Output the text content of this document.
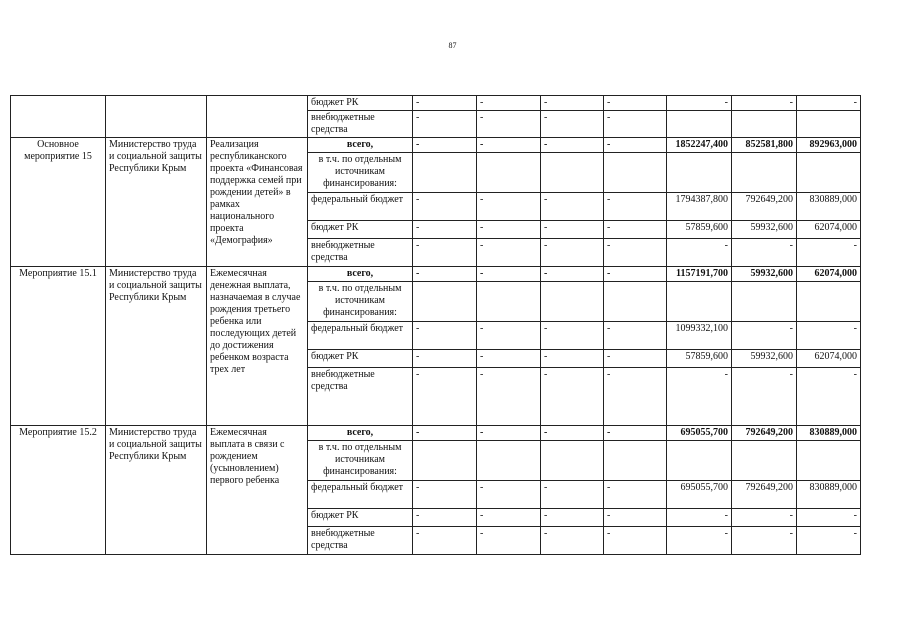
87
			бюджет РК	-	-	-	-	-	-	-
			внебюджетные средства	-	-	-	-			
Основное мероприятие 15	Министерство труда и социальной защиты Республики Крым	Реализация республиканского проекта «Финансовая поддержка семей при рождении детей» в рамках национального проекта «Демография»	всего,	-	-	-	-	1852247,400	852581,800	892963,000
			в т.ч. по отдельным источникам финансирования:							
			федеральный бюджет	-	-	-	-	1794387,800	792649,200	830889,000
			бюджет РК	-	-	-	-	57859,600	59932,600	62074,000
			внебюджетные средства	-	-	-	-	-	-	-
Мероприятие 15.1	Министерство труда и социальной защиты Республики Крым	Ежемесячная денежная выплата, назначаемая в случае рождения третьего ребенка или последующих детей до достижения ребенком возраста трех лет	всего,	-	-	-	-	1157191,700	59932,600	62074,000
			в т.ч. по отдельным источникам финансирования:							
			федеральный бюджет	-	-	-	-	1099332,100	-	-
			бюджет РК	-	-	-	-	57859,600	59932,600	62074,000
			внебюджетные средства	-	-	-	-	-	-	-
Мероприятие 15.2	Министерство труда и социальной защиты Республики Крым	Ежемесячная выплата в связи с рождением (усыновлением) первого ребенка	всего,	-	-	-	-	695055,700	792649,200	830889,000
			в т.ч. по отдельным источникам финансирования:							
			федеральный бюджет	-	-	-	-	695055,700	792649,200	830889,000
			бюджет РК	-	-	-	-	-	-	-
			внебюджетные средства	-	-	-	-	-	-	-
